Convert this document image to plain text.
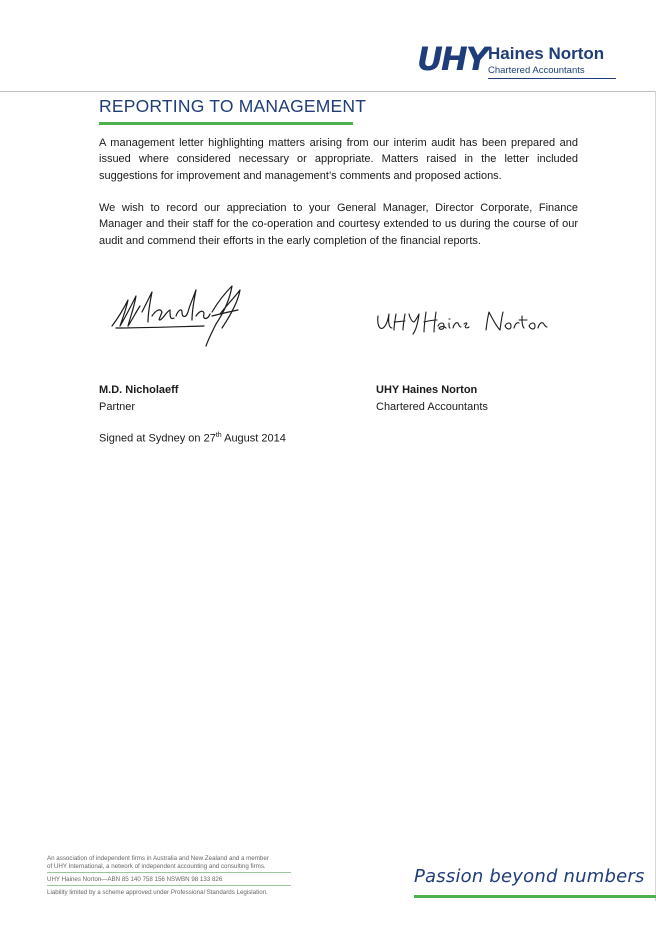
UHY Haines Norton
Chartered Accountants
REPORTING TO MANAGEMENT

A management letter highlighting matters arising from our interim audit has been prepared and issued where considered necessary or appropriate. Matters raised in the letter included suggestions for improvement and management’s comments and proposed actions.

We wish to record our appreciation to your General Manager, Director Corporate, Finance Manager and their staff for the co-operation and courtesy extended to us during the course of our audit and commend their efforts in the early completion of the financial reports.

M.D. Nicholaeff
Partner
UHY Haines Norton
Chartered Accountants
Signed at Sydney on 27th August 2014
An association of independent firms in Australia and New Zealand and a member
of UHY International, a network of independent accounting and consulting firms.
UHY Haines Norton—ABN 85 140 758 156 NSWBN 98 133 826
Liability limited by a scheme approved under Professional Standards Legislation.
Passion beyond numbers
